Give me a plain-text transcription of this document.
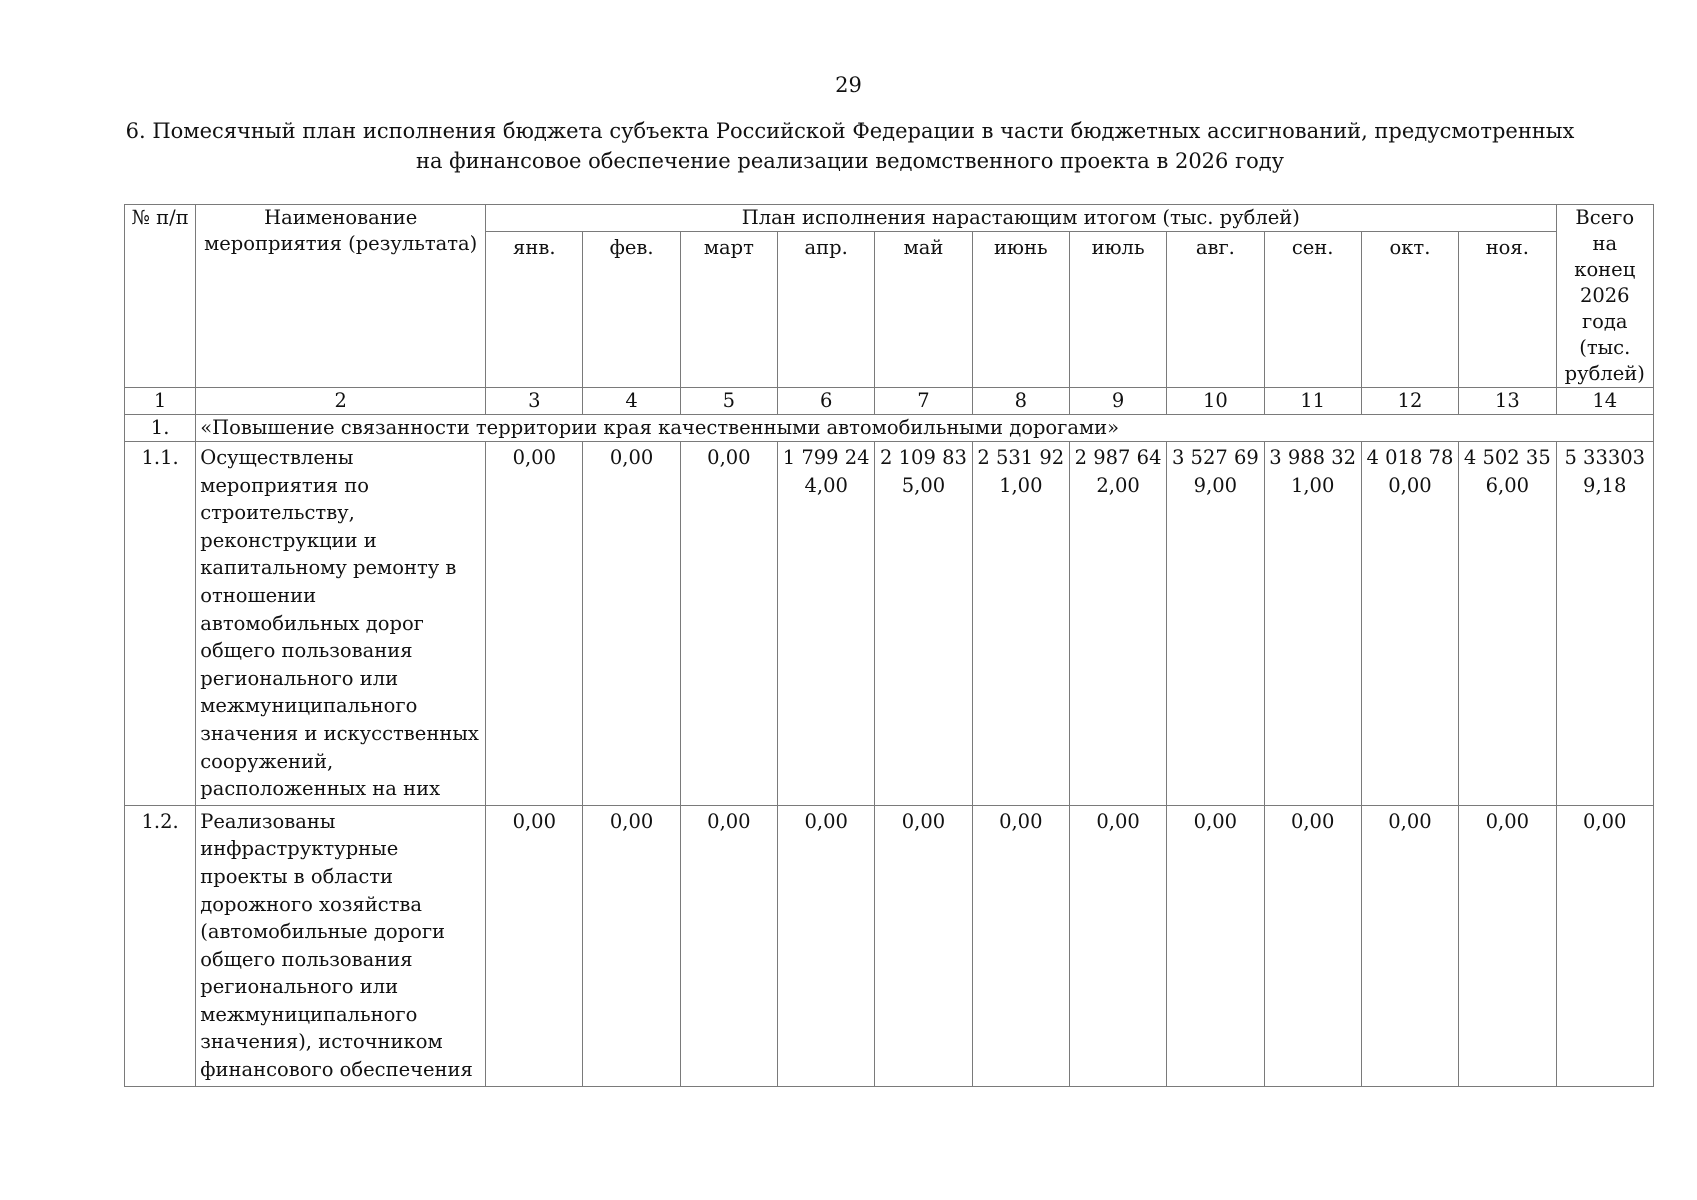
29
6. Помесячный план исполнения бюджета субъекта Российской Федерации в части бюджетных ассигнований, предусмотренных на финансовое обеспечение реализации ведомственного проекта в 2026 году
№ п/п	Наименование мероприятия (результата)	План исполнения нарастающим итогом (тыс. рублей)											Всего на конец 2026 года (тыс. рублей)
		янв.	фев.	март	апр.	май	июнь	июль	авг.	сен.	окт.	ноя.	
1	2	3	4	5	6	7	8	9	10	11	12	13	14
1.	«Повышение связанности территории края качественными автомобильными дорогами»												
1.1.	Осуществлены мероприятия по строительству, реконструкции и капитальному ремонту в отношении автомобильных дорог общего пользования регионального или межмуниципального значения и искусственных сооружений, расположенных на них	0,00	0,00	0,00	1 799 244,00	2 109 835,00	2 531 921,00	2 987 642,00	3 527 699,00	3 988 321,00	4 018 780,00	4 502 356,00	5 333039,18
1.2.	Реализованы инфраструктурные проекты в области дорожного хозяйства (автомобильные дороги общего пользования регионального или межмуниципального значения), источником финансового обеспечения	0,00	0,00	0,00	0,00	0,00	0,00	0,00	0,00	0,00	0,00	0,00	0,00
